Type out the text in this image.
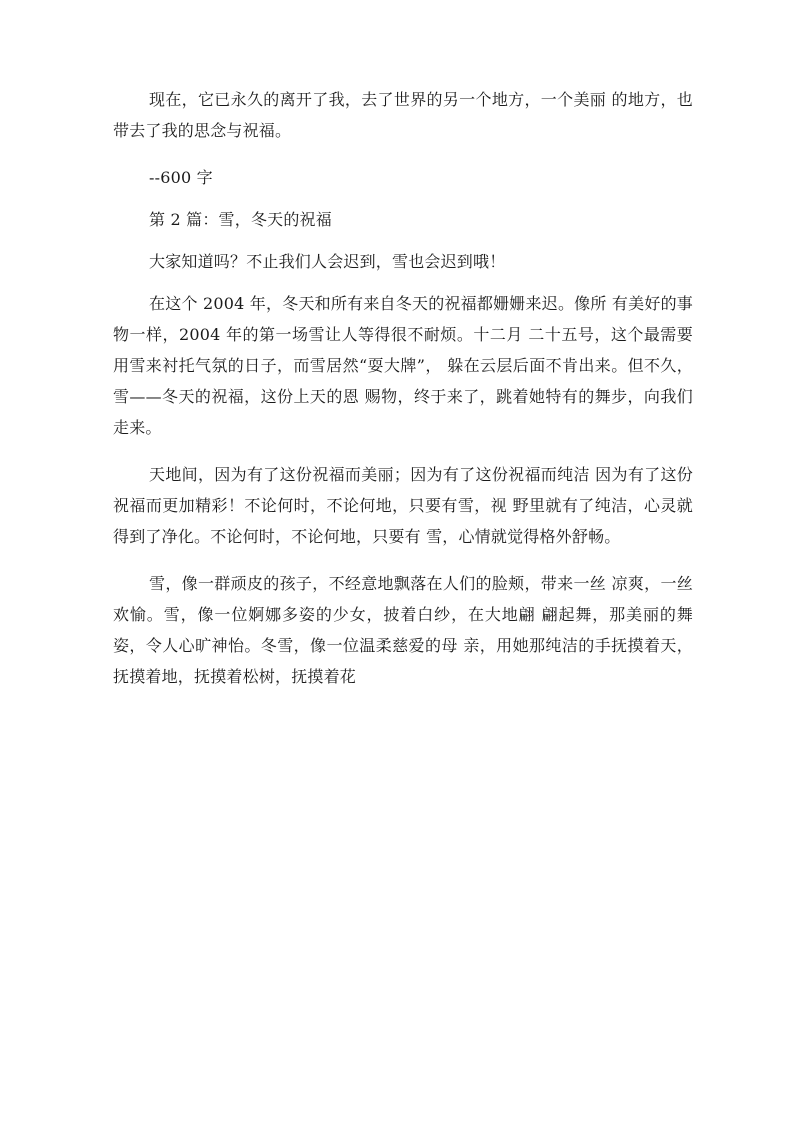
现在，它已永久的离开了我，去了世界的另一个地方，一个美丽 的地方，也带去了我的思念与祝福。

--600 字

第 2 篇：雪，冬天的祝福

大家知道吗？不止我们人会迟到，雪也会迟到哦！

在这个 2004 年，冬天和所有来自冬天的祝福都姗姗来迟。像所 有美好的事物一样，2004 年的第一场雪让人等得很不耐烦。十二月 二十五号，这个最需要用雪来衬托气氛的日子，而雪居然“耍大牌”， 躲在云层后面不肯出来。但不久，雪——冬天的祝福，这份上天的恩 赐物，终于来了，跳着她特有的舞步，向我们走来。

天地间，因为有了这份祝福而美丽；因为有了这份祝福而纯洁 因为有了这份祝福而更加精彩！不论何时，不论何地，只要有雪，视 野里就有了纯洁，心灵就得到了净化。不论何时，不论何地，只要有 雪，心情就觉得格外舒畅。

雪，像一群顽皮的孩子，不经意地飘落在人们的脸颊，带来一丝 凉爽，一丝欢愉。雪，像一位婀娜多姿的少女，披着白纱，在大地翩 翩起舞，那美丽的舞姿，令人心旷神怡。冬雪，像一位温柔慈爱的母 亲，用她那纯洁的手抚摸着天，抚摸着地，抚摸着松树，抚摸着花
